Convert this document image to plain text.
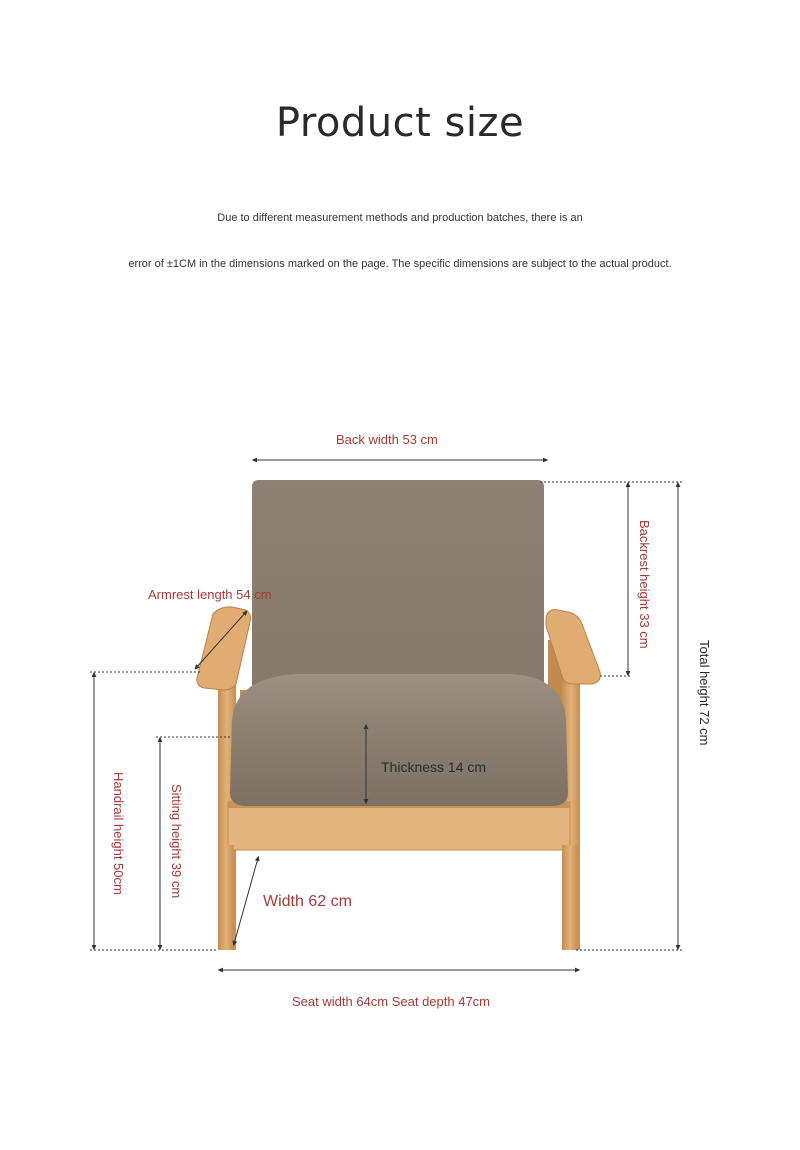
Product size
Due to different measurement methods and production batches, there is an
error of ±1CM in the dimensions marked on the page. The specific dimensions are subject to the actual product.
Back width 53 cm
Armrest length 54 cm	Backrest height 33 cm
Total height 72 cm
Thickness 14 cm
Handrail height 50cm	Sitting height 39 cm
Width 62 cm
Seat width 64cm Seat depth 47cm
